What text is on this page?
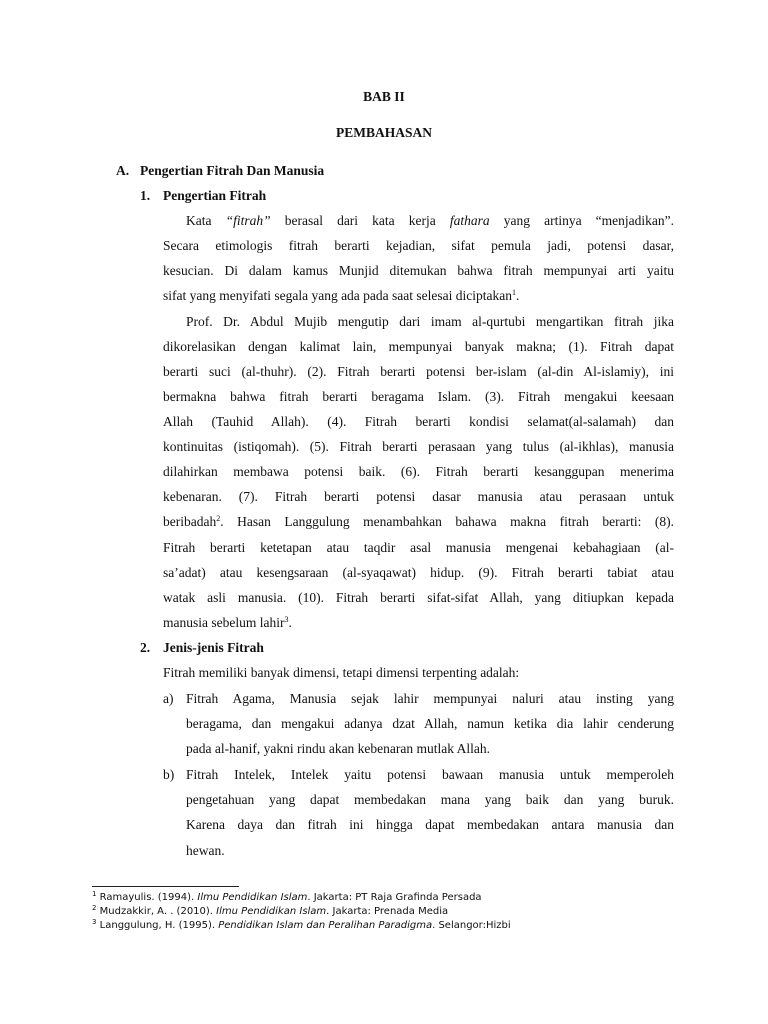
BAB II
PEMBAHASAN
A. Pengertian Fitrah Dan Manusia
1. Pengertian Fitrah
Kata “fitrah” berasal dari kata kerja fathara yang artinya “menjadikan”.
Secara etimologis fitrah berarti kejadian, sifat pemula jadi, potensi dasar,
kesucian. Di dalam kamus Munjid ditemukan bahwa fitrah mempunyai arti yaitu
sifat yang menyifati segala yang ada pada saat selesai diciptakan$^1$.
Prof. Dr. Abdul Mujib mengutip dari imam al-qurtubi mengartikan fitrah jika
dikorelasikan dengan kalimat lain, mempunyai banyak makna; (1). Fitrah dapat
berarti suci (al-thuhr). (2). Fitrah berarti potensi ber-islam (al-din Al-islamiy), ini
bermakna bahwa fitrah berarti beragama Islam. (3). Fitrah mengakui keesaan
Allah (Tauhid Allah). (4). Fitrah berarti kondisi selamat(al-salamah) dan
kontinuitas (istiqomah). (5). Fitrah berarti perasaan yang tulus (al-ikhlas), manusia
dilahirkan membawa potensi baik. (6). Fitrah berarti kesanggupan menerima
kebenaran. (7). Fitrah berarti potensi dasar manusia atau perasaan untuk
beribadah$^2$. Hasan Langgulung menambahkan bahawa makna fitrah berarti: (8).
Fitrah berarti ketetapan atau taqdir asal manusia mengenai kebahagiaan (al-
sa’adat) atau kesengsaraan (al-syaqawat) hidup. (9). Fitrah berarti tabiat atau
watak asli manusia. (10). Fitrah berarti sifat-sifat Allah, yang ditiupkan kepada
manusia sebelum lahir$^3$.
2. Jenis-jenis Fitrah
Fitrah memiliki banyak dimensi, tetapi dimensi terpenting adalah:
a) Fitrah Agama, Manusia sejak lahir mempunyai naluri atau insting yang
beragama, dan mengakui adanya dzat Allah, namun ketika dia lahir cenderung
pada al-hanif, yakni rindu akan kebenaran mutlak Allah.
b) Fitrah Intelek, Intelek yaitu potensi bawaan manusia untuk memperoleh
pengetahuan yang dapat membedakan mana yang baik dan yang buruk.
Karena daya dan fitrah ini hingga dapat membedakan antara manusia dan
hewan.
$^1$ Ramayulis. (1994). Ilmu Pendidikan Islam. Jakarta: PT Raja Grafinda Persada
$^2$ Mudzakkir, A. . (2010). Ilmu Pendidikan Islam. Jakarta: Prenada Media
$^3$ Langgulung, H. (1995). Pendidikan Islam dan Peralihan Paradigma. Selangor:Hizbi
